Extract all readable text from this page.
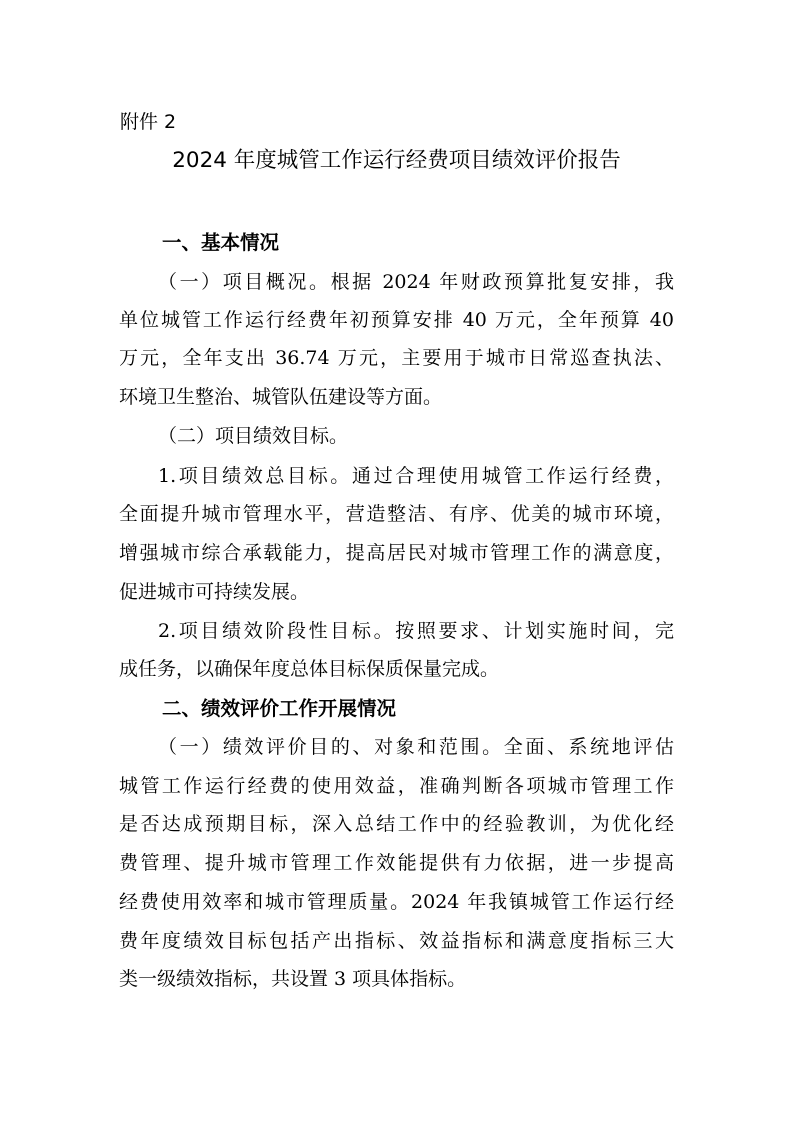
附件 2
2024 年度城管工作运行经费项目绩效评价报告
一、基本情况
（一）项目概况。根据 2024 年财政预算批复安排，我
单位城管工作运行经费年初预算安排 40 万元，全年预算 40
万元，全年支出 36.74 万元，主要用于城市日常巡查执法、
环境卫生整治、城管队伍建设等方面。
（二）项目绩效目标。
1.项目绩效总目标。通过合理使用城管工作运行经费，
全面提升城市管理水平，营造整洁、有序、优美的城市环境，
增强城市综合承载能力，提高居民对城市管理工作的满意度，
促进城市可持续发展。
2.项目绩效阶段性目标。按照要求、计划实施时间，完
成任务，以确保年度总体目标保质保量完成。
二、绩效评价工作开展情况
（一）绩效评价目的、对象和范围。全面、系统地评估
城管工作运行经费的使用效益，准确判断各项城市管理工作
是否达成预期目标，深入总结工作中的经验教训，为优化经
费管理、提升城市管理工作效能提供有力依据，进一步提高
经费使用效率和城市管理质量。2024 年我镇城管工作运行经
费年度绩效目标包括产出指标、效益指标和满意度指标三大
类一级绩效指标，共设置 3 项具体指标。
